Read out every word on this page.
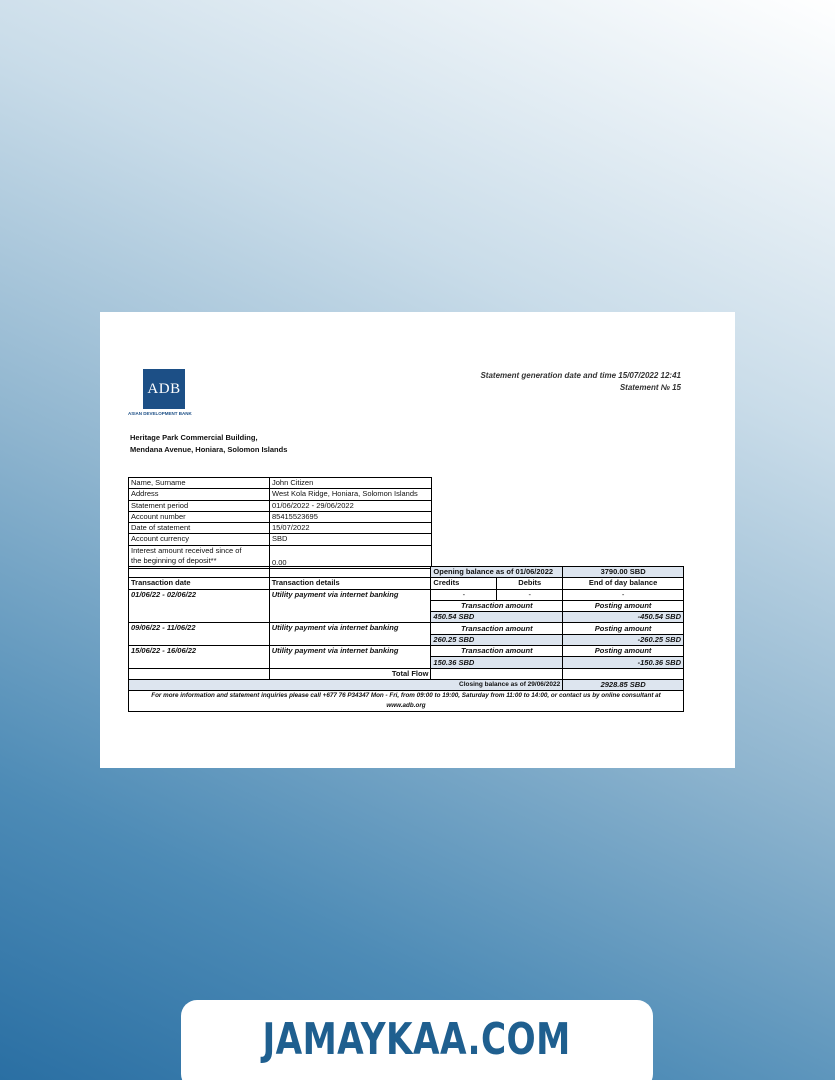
ADB
ASIAN DEVELOPMENT BANK
Statement generation date and time 15/07/2022 12:41
Statement № 15
Heritage Park Commercial Building,
Mendana Avenue, Honiara, Solomon Islands
Name, Surname	John Citizen
Address	West Kola Ridge, Honiara, Solomon Islands
Statement period	01/06/2022 - 29/06/2022
Account number	85415523695
Date of statement	15/07/2022
Account currency	SBD

Interest amount received since of
the beginning of deposit**	0.00
		Opening balance as of 01/06/2022		3790.00 SBD
Transaction date	Transaction details	Credits	Debits	End of day balance
01/06/22 - 02/06/22	Utility payment via internet banking	-	-	-
		Transaction amount		Posting amount
		450.54 SBD		-450.54 SBD
09/06/22 - 11/06/22	Utility payment via internet banking	Transaction amount		Posting amount
		260.25 SBD		-260.25 SBD
15/06/22 - 16/06/22	Utility payment via internet banking	Transaction amount		Posting amount
		150.36 SBD		-150.36 SBD
	Total Flow			
Closing balance as of 29/06/2022				2928.85 SBD
For more information and statement inquiries please call +677 76 P34347 Mon - Fri, from 09:00 to 19:00, Saturday from 11:00 to 14:00, or contact us by online consultant at www.adb.org				
JAMAYKAA.COM
